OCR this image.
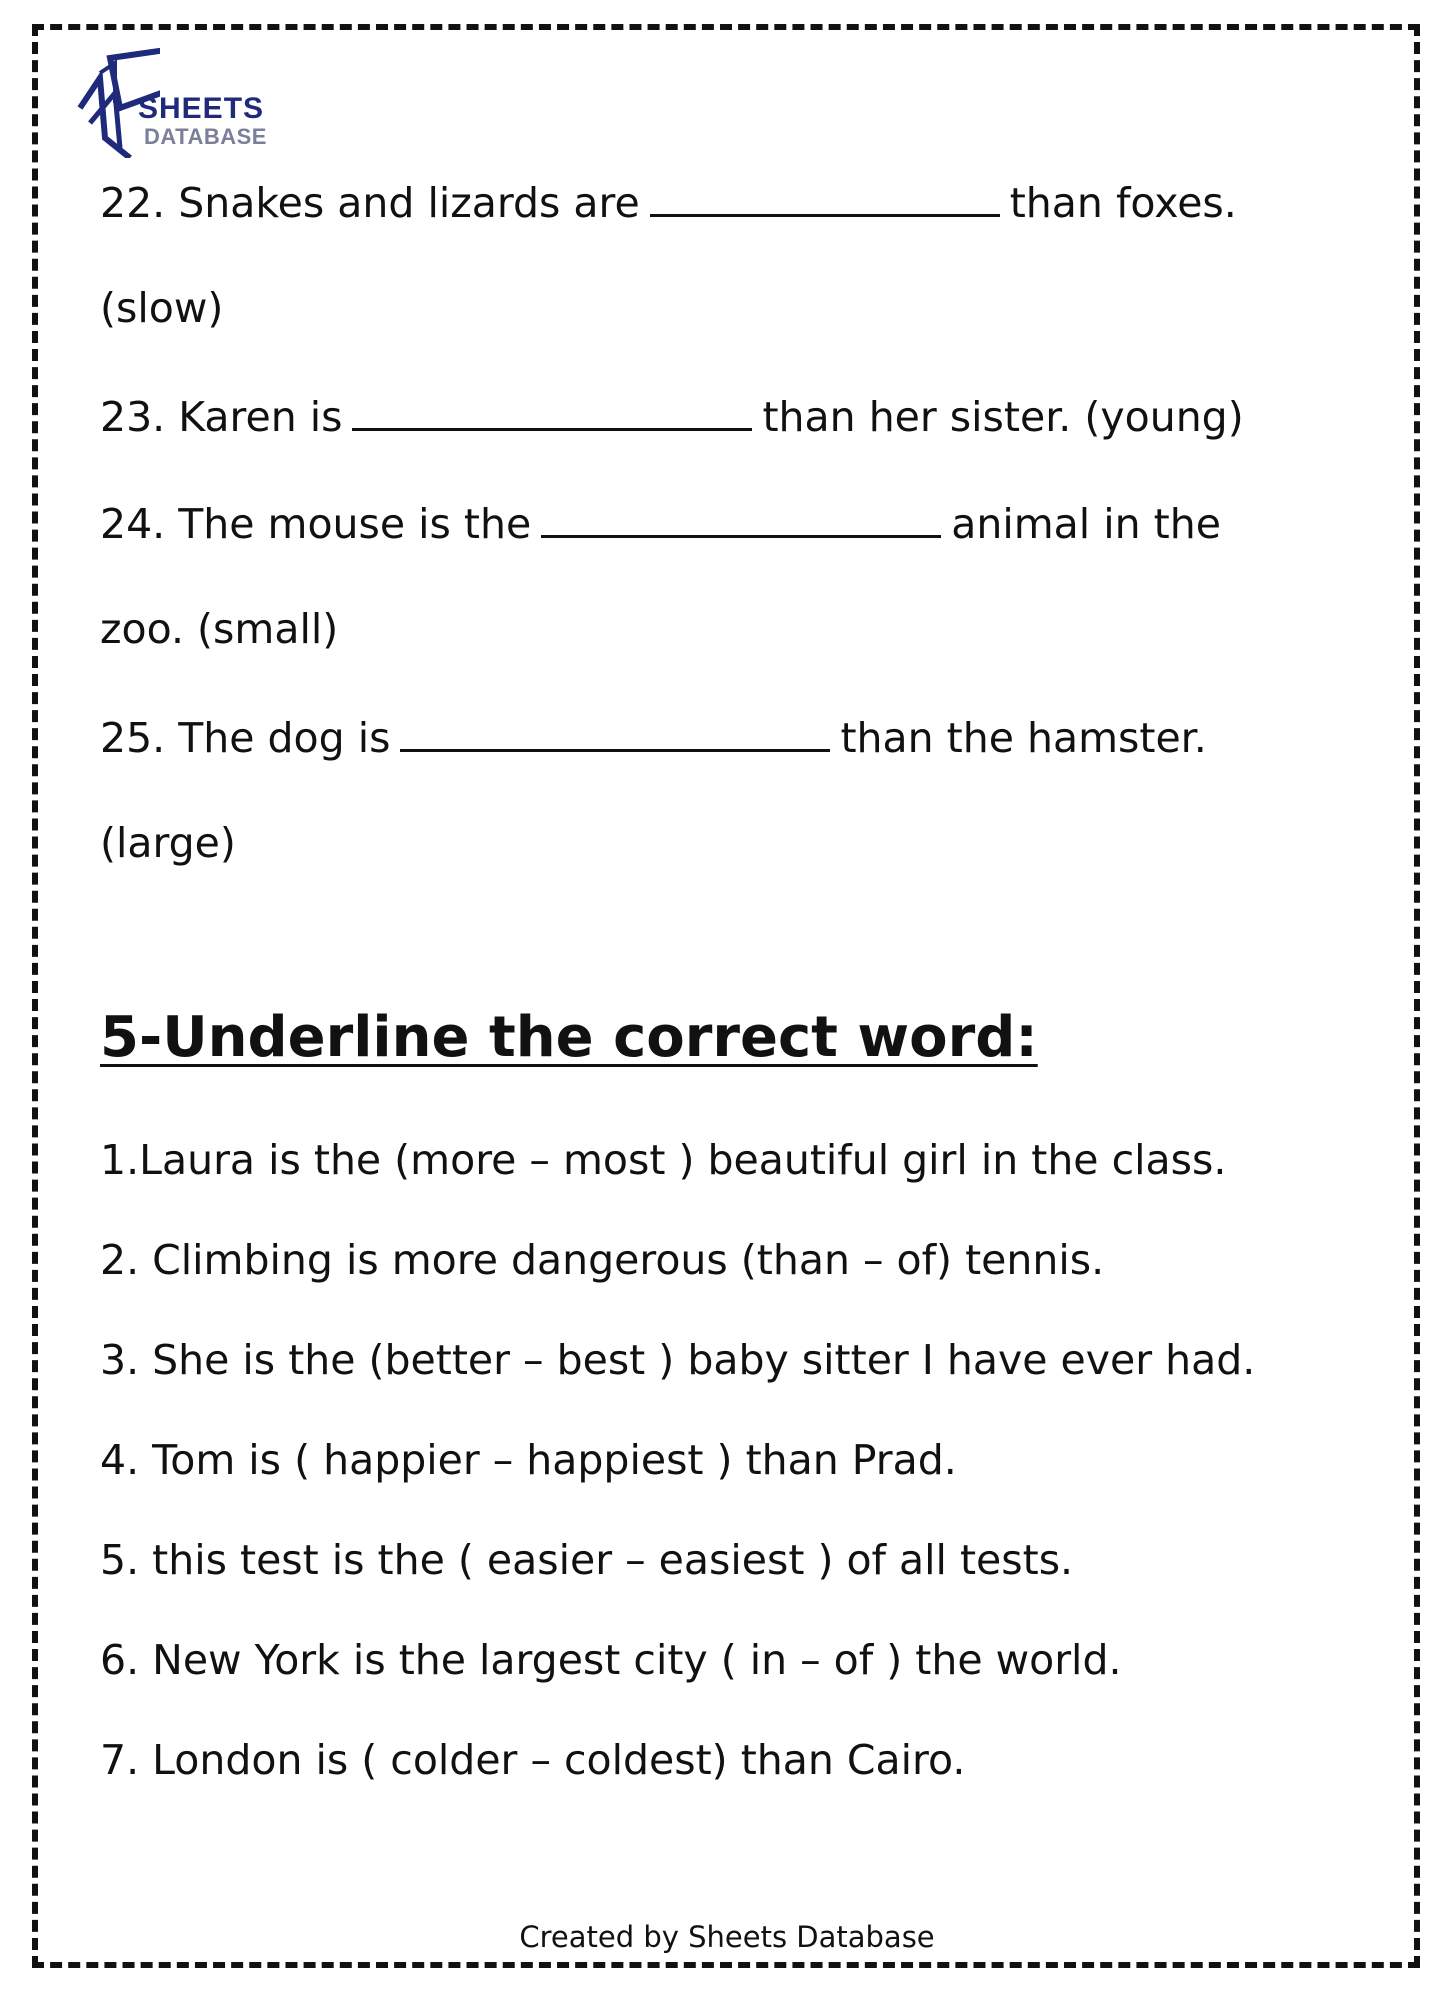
SHEETS
DATABASE
22. Snakes and lizards are	than foxes.
(slow)
23. Karen is	than her sister. (young)
24. The mouse is the	animal in the
zoo. (small)
25. The dog is	than the hamster.
(large)
5-Underline the correct word:
1.Laura is the (more – most ) beautiful girl in the class.
2. Climbing is more dangerous (than – of) tennis.
3. She is the (better – best ) baby sitter I have ever had.
4. Tom is ( happier – happiest ) than Prad.
5. this test is the ( easier – easiest ) of all tests.
6. New York is the largest city ( in – of ) the world.
7. London is ( colder – coldest) than Cairo.
Created by Sheets Database
